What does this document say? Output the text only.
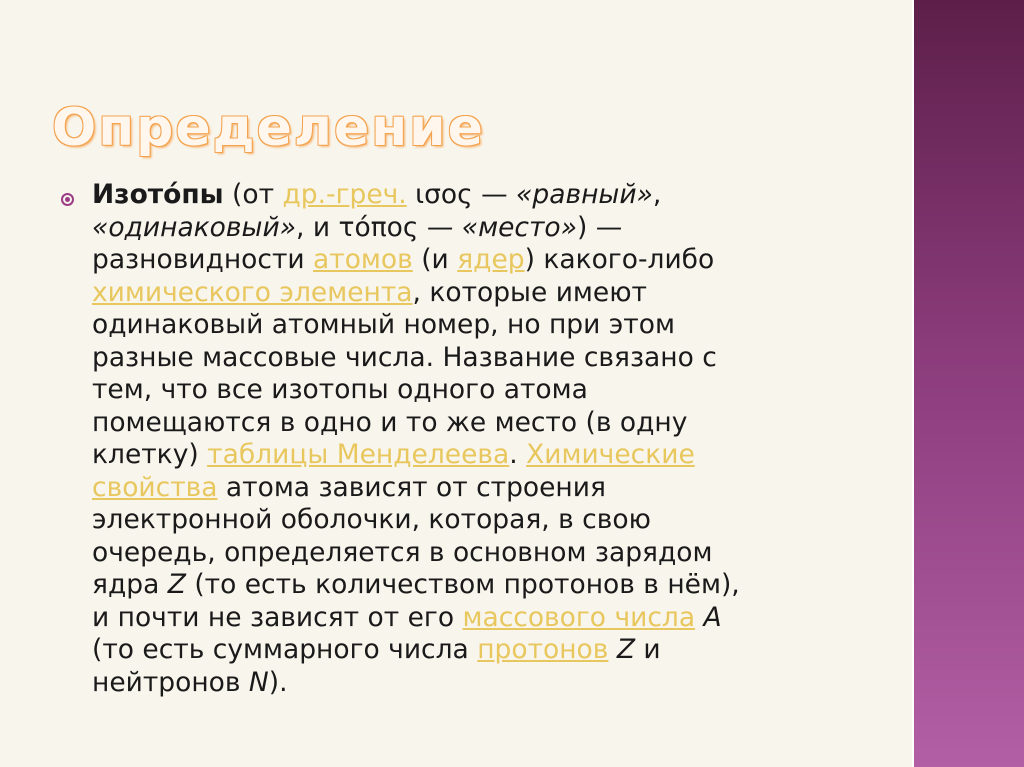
Определение
Изото́пы (от др.-греч. ισος — «равный»,
«одинаковый», и τόπος — «место») —
разновидности атомов (и ядер) какого-либо
химического элемента, которые имеют
одинаковый атомный номер, но при этом
разные массовые числа. Название связано с
тем, что все изотопы одного атома
помещаются в одно и то же место (в одну
клетку) таблицы Менделеева. Химические
свойства атома зависят от строения
электронной оболочки, которая, в свою
очередь, определяется в основном зарядом
ядра Z (то есть количеством протонов в нём),
и почти не зависят от его массового числа A
(то есть суммарного числа протонов Z и
нейтронов N).
